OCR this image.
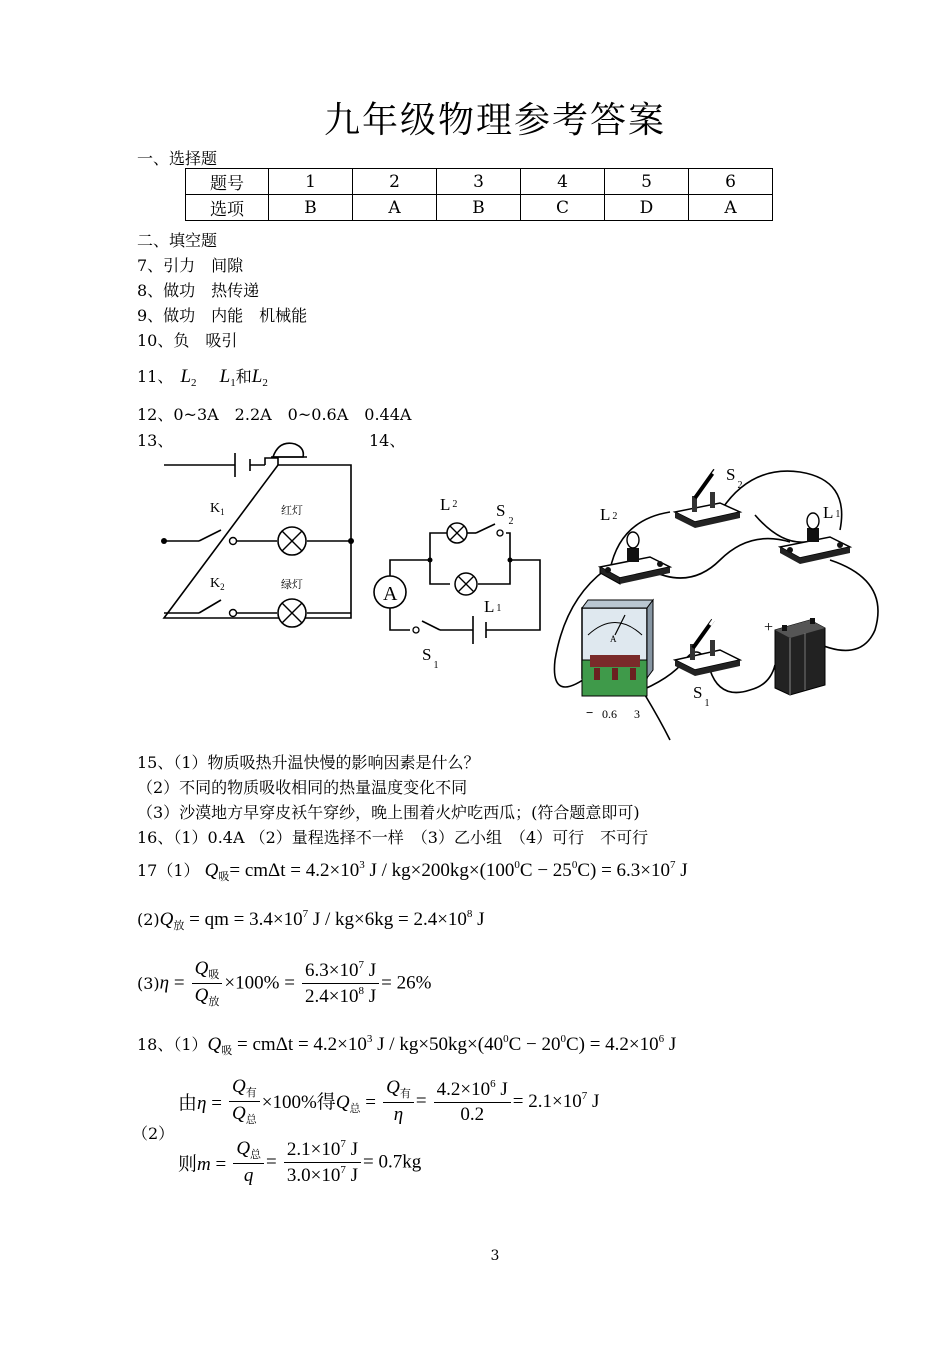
九年级物理参考答案
一、选择题
题号	1	2	3	4	5	6
选项	B	A	B	C	D	A
二、填空题
7、引力　间隙
8、做功　热传递
9、做功　内能　机械能
10、负　吸引
11、 $L_2$ $L_1$和$L_2$
12、0~3A　2.2A　0~0.6A　0.44A
13、	14、
$K_1$
$K_2$
红灯
绿灯	A
L 2 $S_2$
L 1
$S_1$
+
A
− 0.6 3
L 2	L 1
$S_2$
$S_1$
15、（1）物质吸热升温快慢的影响因素是什么？
（2）不同的物质吸收相同的热量温度变化不同
（3）沙漠地方早穿皮袄午穿纱，晚上围着火炉吃西瓜；(符合题意即可)
16、（1）0.4A （2）量程选择不一样　（3）乙小组　（4）可行　不可行
17（1） $Q_吸= cm\Delta t = 4.2\times 10^3$ $J / kg\times 200kg\times(100^0C - 25^0C) = 6.3\times 10^7$ J
$(2)Q_放$ = qm = $3.4\times 10^7$ $J / kg\times 6kg = 2.4\times 10^8$ J
$(3)\eta = \frac{Q_吸}{Q_放} \times 100\% = \frac{6.3\times 10^7 J}{2.4\times 10^8 J} = 26\%$
18、$(1)Q_吸 = cm\Delta t = 4.2\times 10^3$ $J / kg\times 50kg\times(40^0C - 20^0C) = 4.2\times 10^6$ J
（2）
由$\eta = \frac{Q_有}{Q_总} \times 100\%$得$Q_总 = \frac{Q_有}{\eta} = \frac{4.2\times 10^6 J}{0.2} = 2.1\times 10^7$ J
则$m = \frac{Q_总}{q} = \frac{2.1\times 10^7 J}{3.0\times 10^7 J} = 0.7kg$
3
